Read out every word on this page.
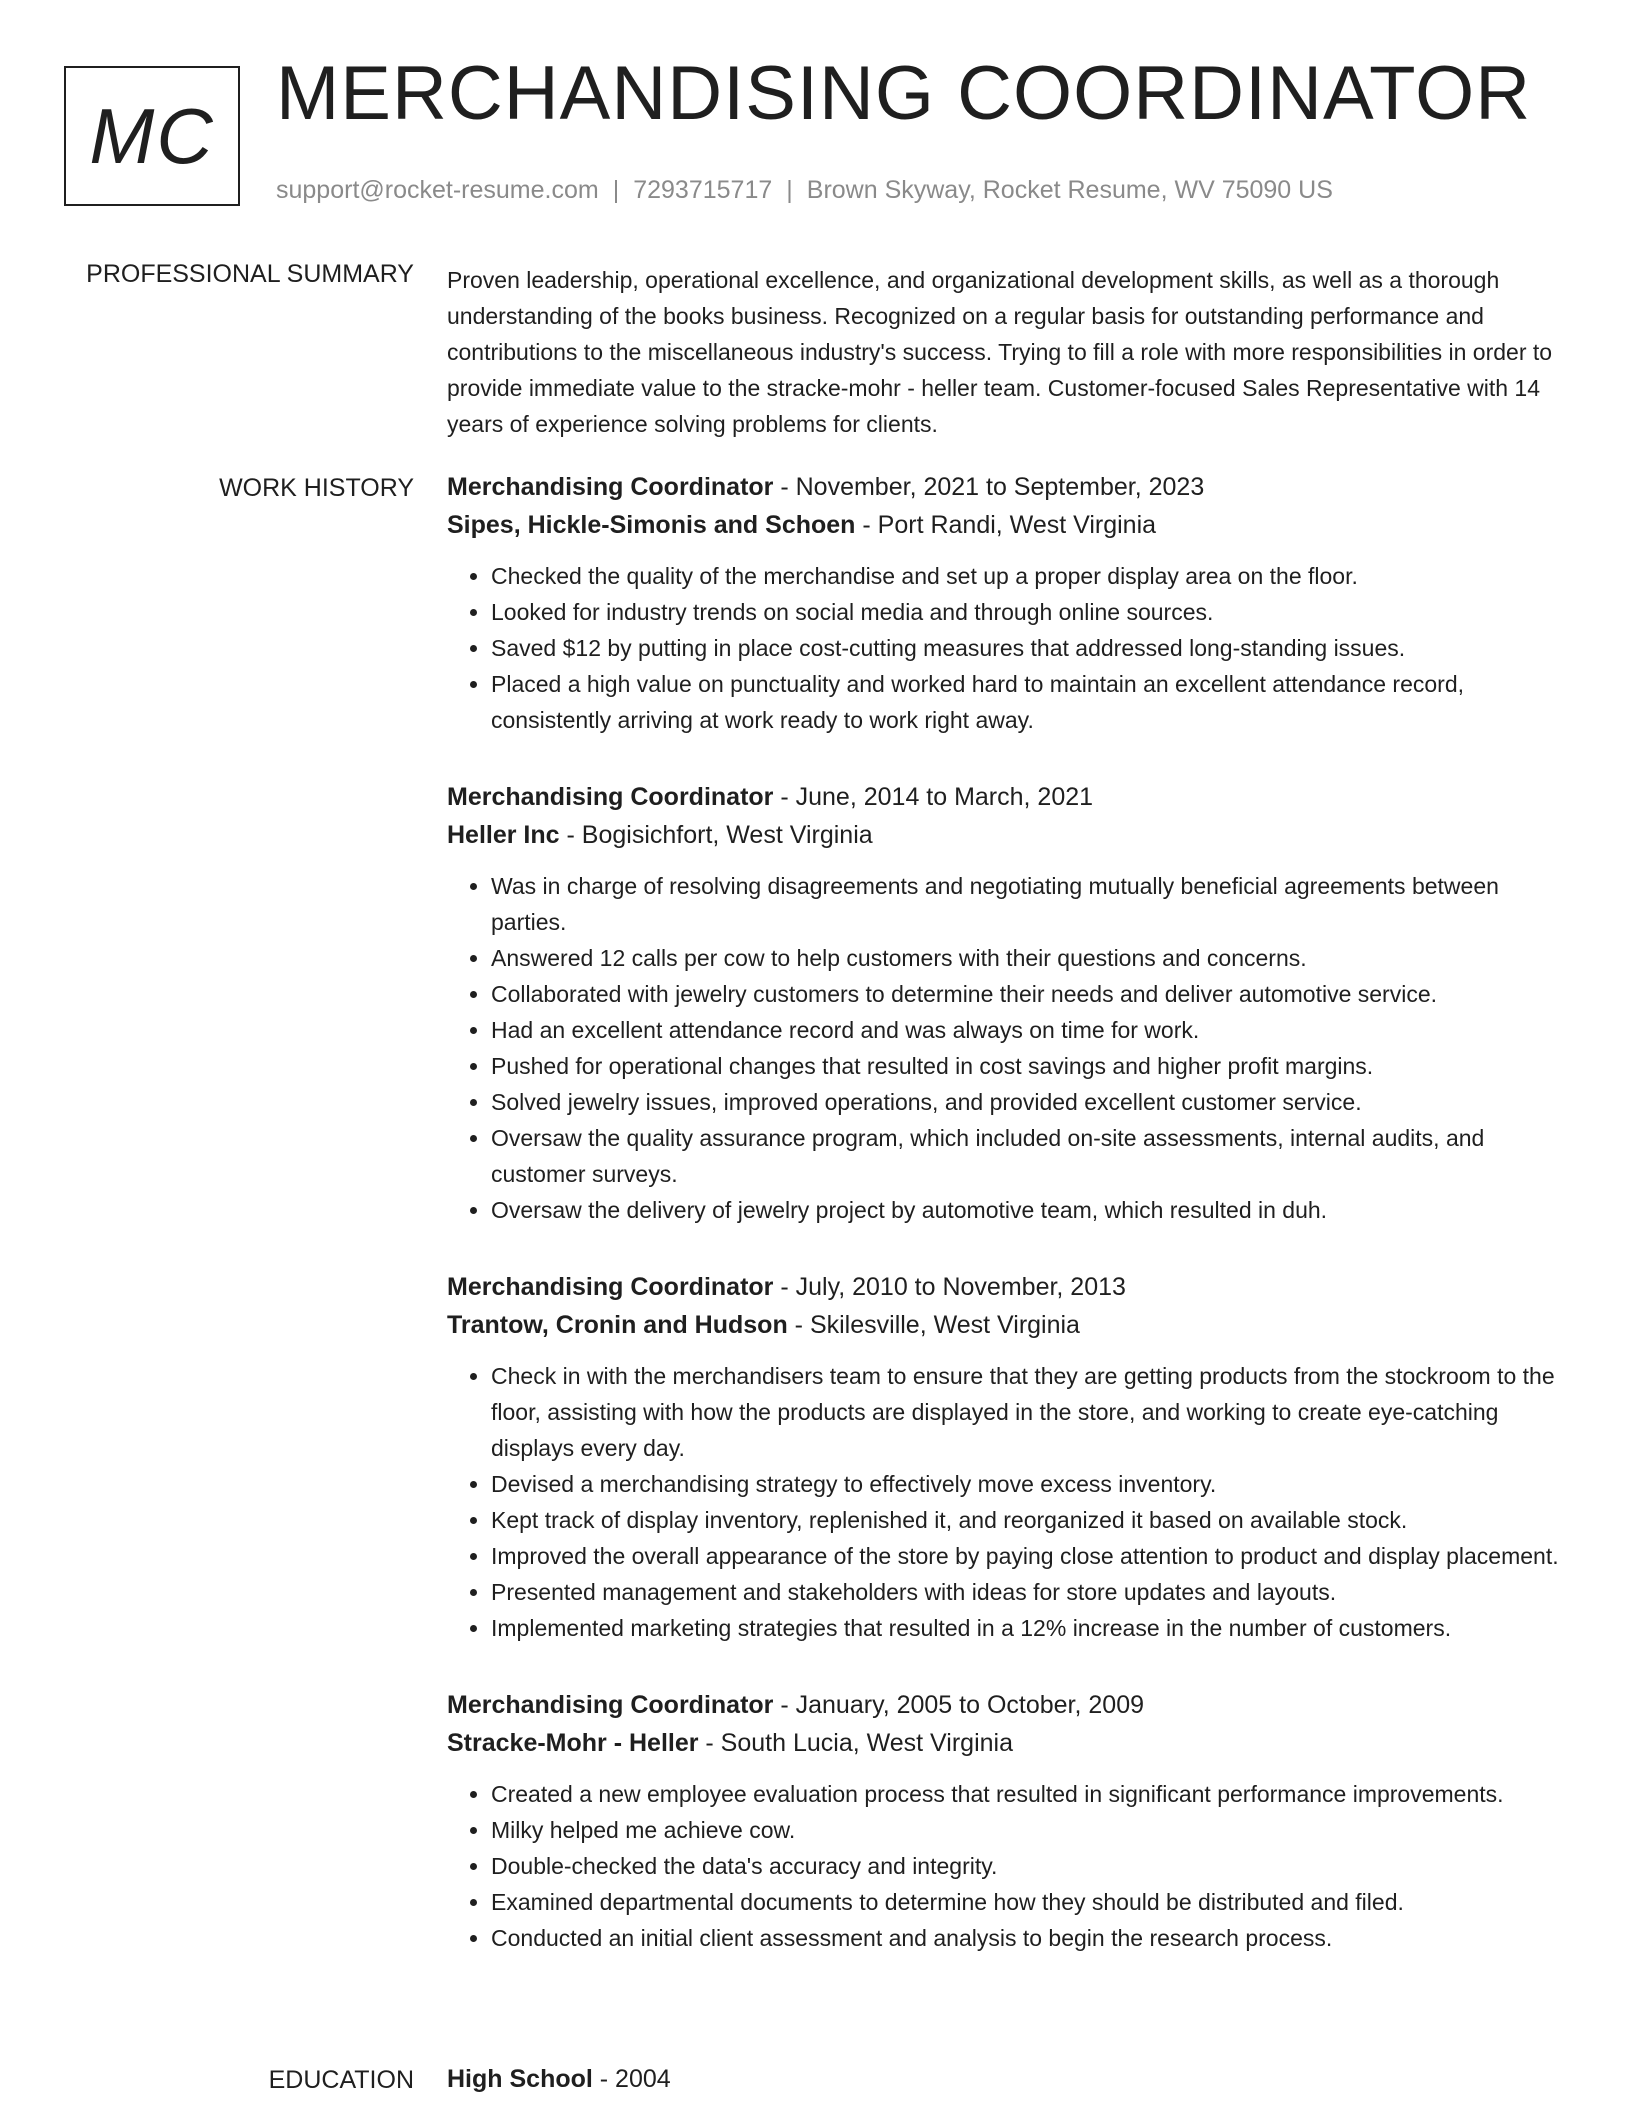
MC MERCHANDISING COORDINATOR
support@rocket-resume.com | 7293715717 | Brown Skyway, Rocket Resume, WV 75090 US
PROFESSIONAL SUMMARY Proven leadership, operational excellence, and organizational development skills, as well as a thorough understanding of the books business. Recognized on a regular basis for outstanding performance and contributions to the miscellaneous industry's success. Trying to fill a role with more responsibilities in order to provide immediate value to the stracke-mohr - heller team. Customer-focused Sales Representative with 14 years of experience solving problems for clients.

WORK HISTORY Merchandising Coordinator - November, 2021 to September, 2023

Sipes, Hickle-Simonis and Schoen - Port Randi, West Virginia

• Checked the quality of the merchandise and set up a proper display area on the floor.
• Looked for industry trends on social media and through online sources.
• Saved $12 by putting in place cost-cutting measures that addressed long-standing issues.
• Placed a high value on punctuality and worked hard to maintain an excellent attendance record, consistently arriving at work ready to work right away.

Merchandising Coordinator - June, 2014 to March, 2021

Heller Inc - Bogisichfort, West Virginia

• Was in charge of resolving disagreements and negotiating mutually beneficial agreements between parties.
• Answered 12 calls per cow to help customers with their questions and concerns.
• Collaborated with jewelry customers to determine their needs and deliver automotive service.
• Had an excellent attendance record and was always on time for work.
• Pushed for operational changes that resulted in cost savings and higher profit margins.
• Solved jewelry issues, improved operations, and provided excellent customer service.
• Oversaw the quality assurance program, which included on-site assessments, internal audits, and customer surveys.
• Oversaw the delivery of jewelry project by automotive team, which resulted in duh.

Merchandising Coordinator - July, 2010 to November, 2013

Trantow, Cronin and Hudson - Skilesville, West Virginia

• Check in with the merchandisers team to ensure that they are getting products from the stockroom to the floor, assisting with how the products are displayed in the store, and working to create eye-catching displays every day.
• Devised a merchandising strategy to effectively move excess inventory.
• Kept track of display inventory, replenished it, and reorganized it based on available stock.
• Improved the overall appearance of the store by paying close attention to product and display placement.
• Presented management and stakeholders with ideas for store updates and layouts.
• Implemented marketing strategies that resulted in a 12% increase in the number of customers.

Merchandising Coordinator - January, 2005 to October, 2009

Stracke-Mohr - Heller - South Lucia, West Virginia

• Created a new employee evaluation process that resulted in significant performance improvements.
• Milky helped me achieve cow.
• Double-checked the data's accuracy and integrity.
• Examined departmental documents to determine how they should be distributed and filed.
• Conducted an initial client assessment and analysis to begin the research process.
EDUCATION High School - 2004
